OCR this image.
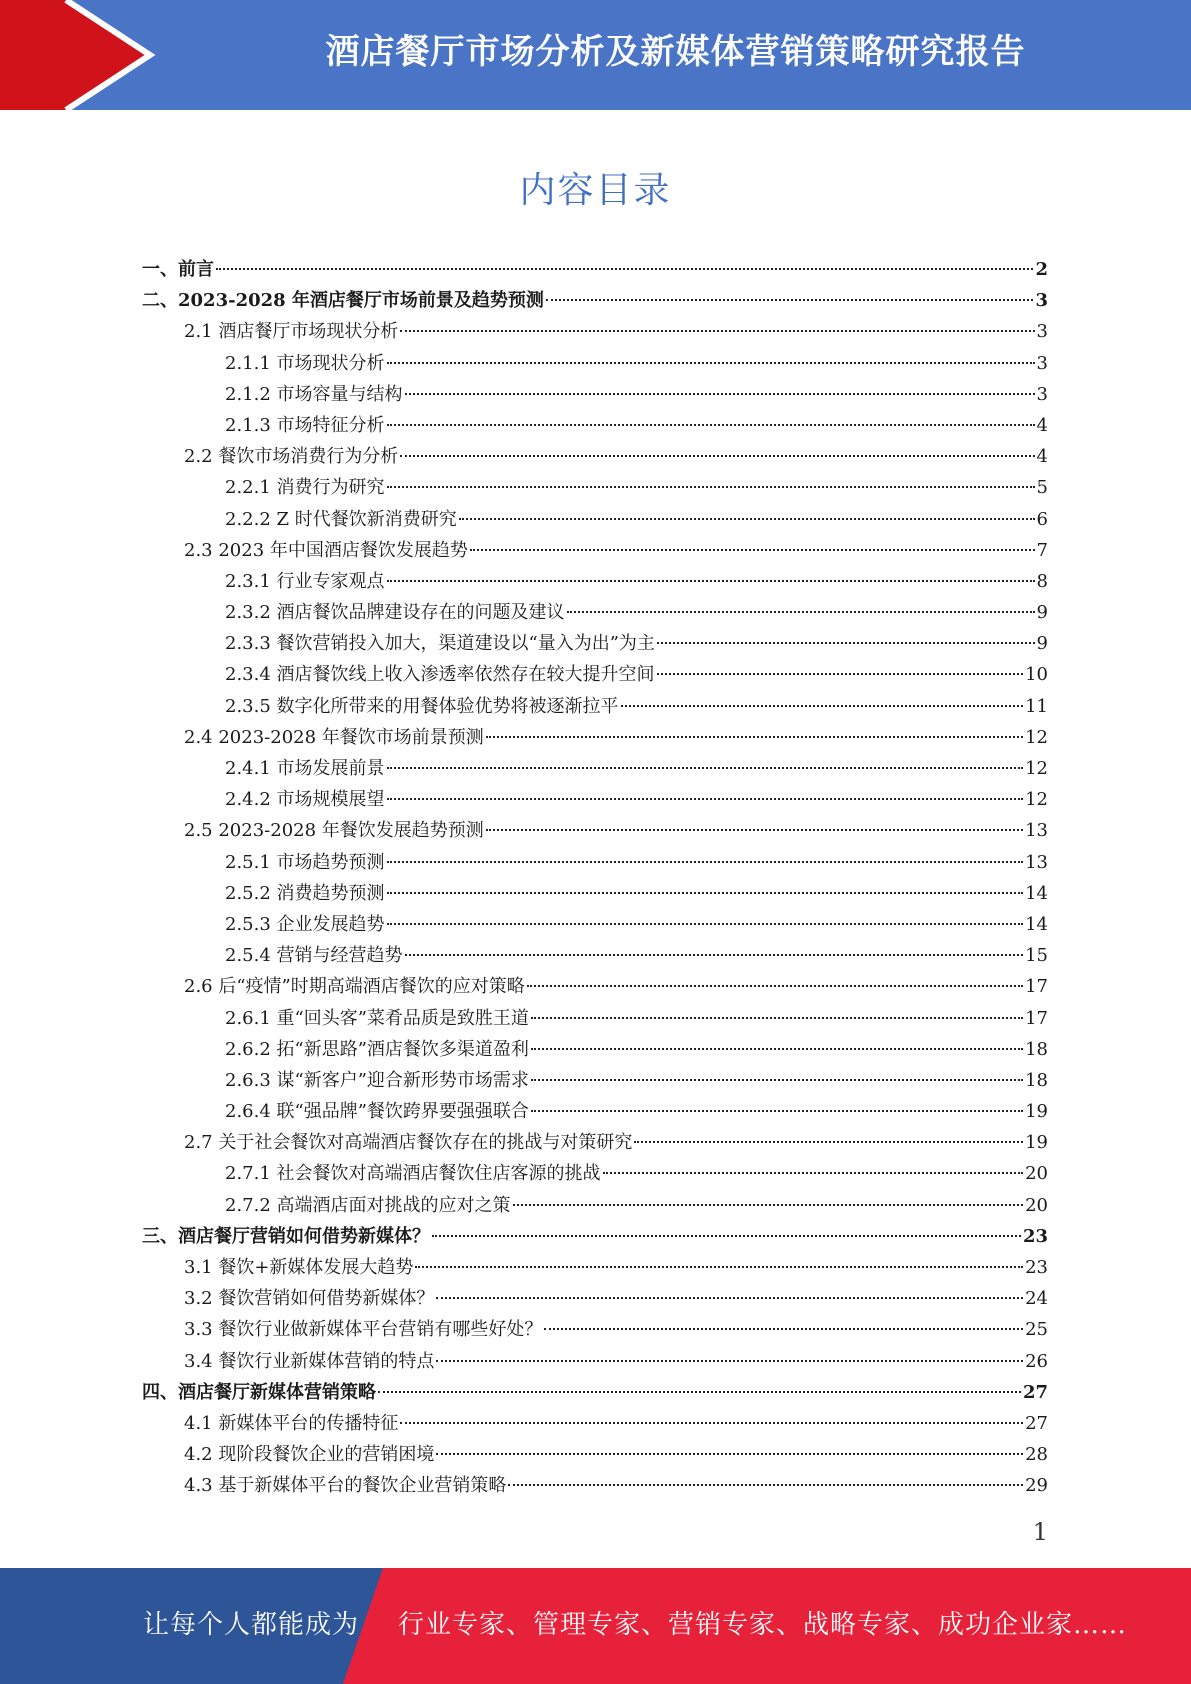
酒店餐厅市场分析及新媒体营销策略研究报告
内容目录
一、前言	2
二、2023-2028 年酒店餐厅市场前景及趋势预测	3
2.1 酒店餐厅市场现状分析	3
2.1.1 市场现状分析	3
2.1.2 市场容量与结构	3
2.1.3 市场特征分析	4
2.2 餐饮市场消费行为分析	4
2.2.1 消费行为研究	5
2.2.2 Z 时代餐饮新消费研究	6
2.3 2023 年中国酒店餐饮发展趋势	7
2.3.1 行业专家观点	8
2.3.2 酒店餐饮品牌建设存在的问题及建议	9
2.3.3 餐饮营销投入加大，渠道建设以“量入为出”为主	9
2.3.4 酒店餐饮线上收入渗透率依然存在较大提升空间	10
2.3.5 数字化所带来的用餐体验优势将被逐渐拉平	11
2.4 2023-2028 年餐饮市场前景预测	12
2.4.1 市场发展前景	12
2.4.2 市场规模展望	12
2.5 2023-2028 年餐饮发展趋势预测	13
2.5.1 市场趋势预测	13
2.5.2 消费趋势预测	14
2.5.3 企业发展趋势	14
2.5.4 营销与经营趋势	15
2.6 后“疫情”时期高端酒店餐饮的应对策略	17
2.6.1 重“回头客”菜肴品质是致胜王道	17
2.6.2 拓“新思路”酒店餐饮多渠道盈利	18
2.6.3 谋“新客户”迎合新形势市场需求	18
2.6.4 联“强品牌”餐饮跨界要强强联合	19
2.7 关于社会餐饮对高端酒店餐饮存在的挑战与对策研究	19
2.7.1 社会餐饮对高端酒店餐饮住店客源的挑战	20
2.7.2 高端酒店面对挑战的应对之策	20
三、酒店餐厅营销如何借势新媒体？	23
3.1 餐饮+新媒体发展大趋势	23
3.2 餐饮营销如何借势新媒体？	24
3.3 餐饮行业做新媒体平台营销有哪些好处？	25
3.4 餐饮行业新媒体营销的特点	26
四、酒店餐厅新媒体营销策略	27
4.1 新媒体平台的传播特征	27
4.2 现阶段餐饮企业的营销困境	28
4.3 基于新媒体平台的餐饮企业营销策略	29
1
让每个人都能成为 行业专家、管理专家、营销专家、战略专家、成功企业家……
